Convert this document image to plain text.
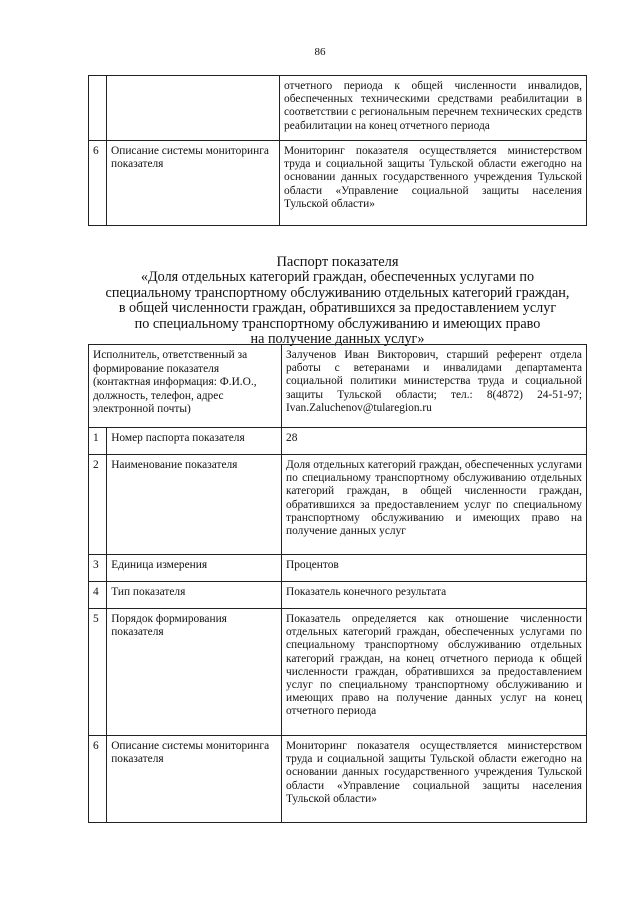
86
		отчетного периода к общей численности инвалидов, обеспеченных техническими средствами реабилитации в соответствии с региональным перечнем технических средств реабилитации на конец отчетного периода
6	Описание системы мониторинга показателя	Мониторинг показателя осуществляется министерством труда и социальной защиты Тульской области ежегодно на основании данных государственного учреждения Тульской области «Управление социальной защиты населения Тульской области»
Паспорт показателя
«Доля отдельных категорий граждан, обеспеченных услугами по
специальному транспортному обслуживанию отдельных категорий граждан,
в общей численности граждан, обратившихся за предоставлением услуг
по специальному транспортному обслуживанию и имеющих право
на получение данных услуг»
Исполнитель, ответственный за формирование показателя (контактная информация: Ф.И.О., должность, телефон, адрес электронной почты)		Залученов Иван Викторович, старший референт отдела работы с ветеранами и инвалидами департамента социальной политики министерства труда и социальной защиты Тульской области; тел.: 8(4872) 24-51-97; Ivan.Zaluchenov@tularegion.ru
1	Номер паспорта показателя	28
2	Наименование показателя	Доля отдельных категорий граждан, обеспеченных услугами по специальному транспортному обслуживанию отдельных категорий граждан, в общей численности граждан, обратившихся за предоставлением услуг по специальному транспортному обслуживанию и имеющих право на получение данных услуг
3	Единица измерения	Процентов
4	Тип показателя	Показатель конечного результата
5	Порядок формирования показателя	Показатель определяется как отношение численности отдельных категорий граждан, обеспеченных услугами по специальному транспортному обслуживанию отдельных категорий граждан, на конец отчетного периода к общей численности граждан, обратившихся за предоставлением услуг по специальному транспортному обслуживанию и имеющих право на получение данных услуг на конец отчетного периода
6	Описание системы мониторинга показателя	Мониторинг показателя осуществляется министерством труда и социальной защиты Тульской области ежегодно на основании данных государственного учреждения Тульской области «Управление социальной защиты населения Тульской области»
